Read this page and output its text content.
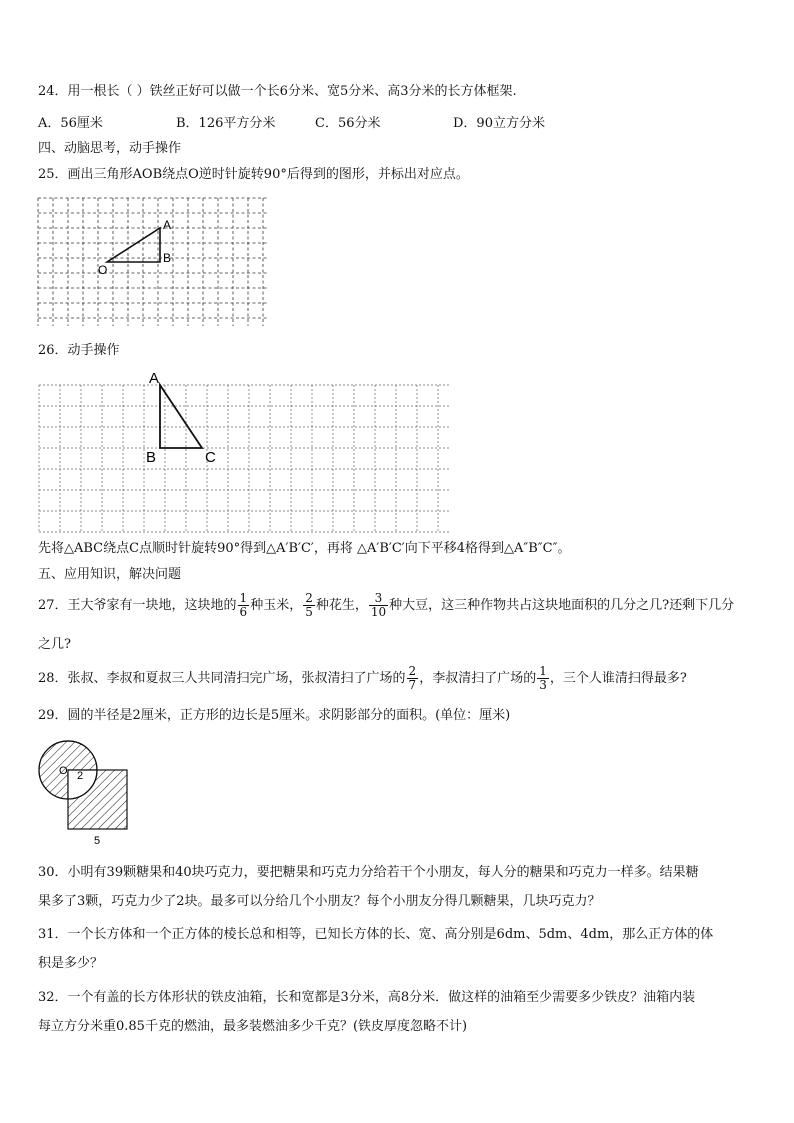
24．用一根长（ ）铁丝正好可以做一个长6分米、宽5分米、高3分米的长方体框架.
A．56厘米	B．126平方分米	C．56分米	D．90立方分米
四、动脑思考，动手操作
25．画出三角形AOB绕点O逆时针旋转90°后得到的图形，并标出对应点。
A
B
O
26．动手操作
A
B	C
先将△ABC绕点C点顺时针旋转90°得到△A′B′C′，再将 △A′B′C′向下平移4格得到△A″B″C″。
五、应用知识，解决问题
27．王大爷家有一块地，这块地的 $\frac{1}{6}$ 种玉米， $\frac{2}{5}$ 种花生， $\frac{3}{10}$ 种大豆，这三种作物共占这块地面积的几分之几?还剩下几分
之几?
28．张叔、李叔和夏叔三人共同清扫完广场，张叔清扫了广场的 $\frac{2}{7}$ ，李叔清扫了广场的 $\frac{1}{3}$ ，三个人谁清扫得最多?
29．圆的半径是2厘米，正方形的边长是5厘米。求阴影部分的面积。(单位：厘米)
O 2
5
30．小明有39颗糖果和40块巧克力，要把糖果和巧克力分给若干个小朋友，每人分的糖果和巧克力一样多。结果糖
果多了3颗，巧克力少了2块。最多可以分给几个小朋友？每个小朋友分得几颗糖果，几块巧克力？
31．一个长方体和一个正方体的棱长总和相等，已知长方体的长、宽、高分别是6dm、5dm、4dm，那么正方体的体
积是多少？
32．一个有盖的长方体形状的铁皮油箱，长和宽都是3分米，高8分米．做这样的油箱至少需要多少铁皮？油箱内装
每立方分米重0.85千克的燃油，最多装燃油多少千克？(铁皮厚度忽略不计)
